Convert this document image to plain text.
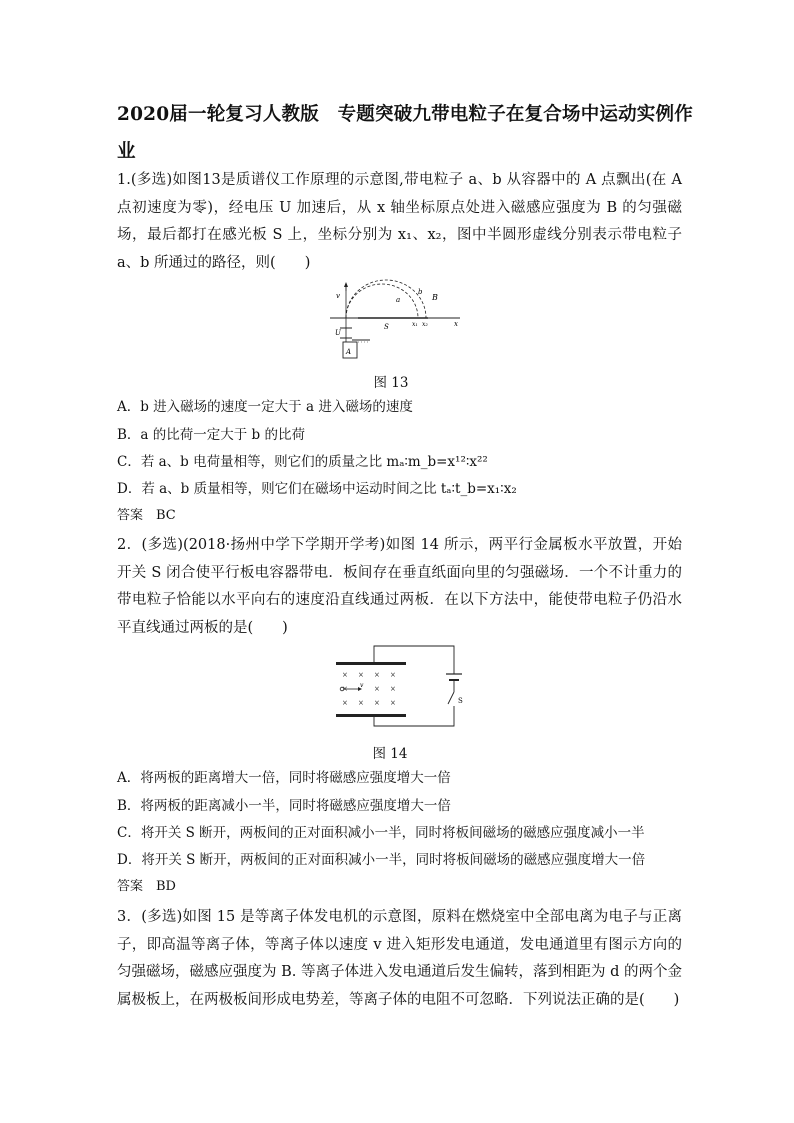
2020届一轮复习人教版　专题突破九带电粒子在复合场中运动实例作业
1.(多选)如图13是质谱仪工作原理的示意图,带电粒子 a、b 从容器中的 A 点飘出(在 A 点初速度为零)，经电压 U 加速后，从 x 轴坐标原点处进入磁感应强度为 B 的匀强磁场，最后都打在感光板 S 上，坐标分别为 x₁、x₂，图中半圆形虚线分别表示带电粒子 a、b 所通过的路径，则(　　)
v
U
A
a
b
B
S	x₁ x₂	x
图 13
A．b 进入磁场的速度一定大于 a 进入磁场的速度
B．a 的比荷一定大于 b 的比荷
C．若 a、b 电荷量相等，则它们的质量之比 mₐ∶m_b=x¹²∶x²²
D．若 a、b 质量相等，则它们在磁场中运动时间之比 tₐ∶t_b=x₁∶x₂
答案　BC
2．(多选)(2018·扬州中学下学期开学考)如图 14 所示，两平行金属板水平放置，开始开关 S 闭合使平行板电容器带电．板间存在垂直纸面向里的匀强磁场．一个不计重力的带电粒子恰能以水平向右的速度沿直线通过两板．在以下方法中，能使带电粒子仍沿水平直线通过两板的是(　　)
S
× × × ×
×	× ×
× × × ×
v
图 14
A．将两板的距离增大一倍，同时将磁感应强度增大一倍
B．将两板的距离减小一半，同时将磁感应强度增大一倍
C．将开关 S 断开，两板间的正对面积减小一半，同时将板间磁场的磁感应强度减小一半
D．将开关 S 断开，两板间的正对面积减小一半，同时将板间磁场的磁感应强度增大一倍
答案　BD
3．(多选)如图 15 是等离子体发电机的示意图，原料在燃烧室中全部电离为电子与正离子，即高温等离子体，等离子体以速度 v 进入矩形发电通道，发电通道里有图示方向的匀强磁场，磁感应强度为 B. 等离子体进入发电通道后发生偏转，落到相距为 d 的两个金属极板上，在两极板间形成电势差，等离子体的电阻不可忽略．下列说法正确的是(　　)
